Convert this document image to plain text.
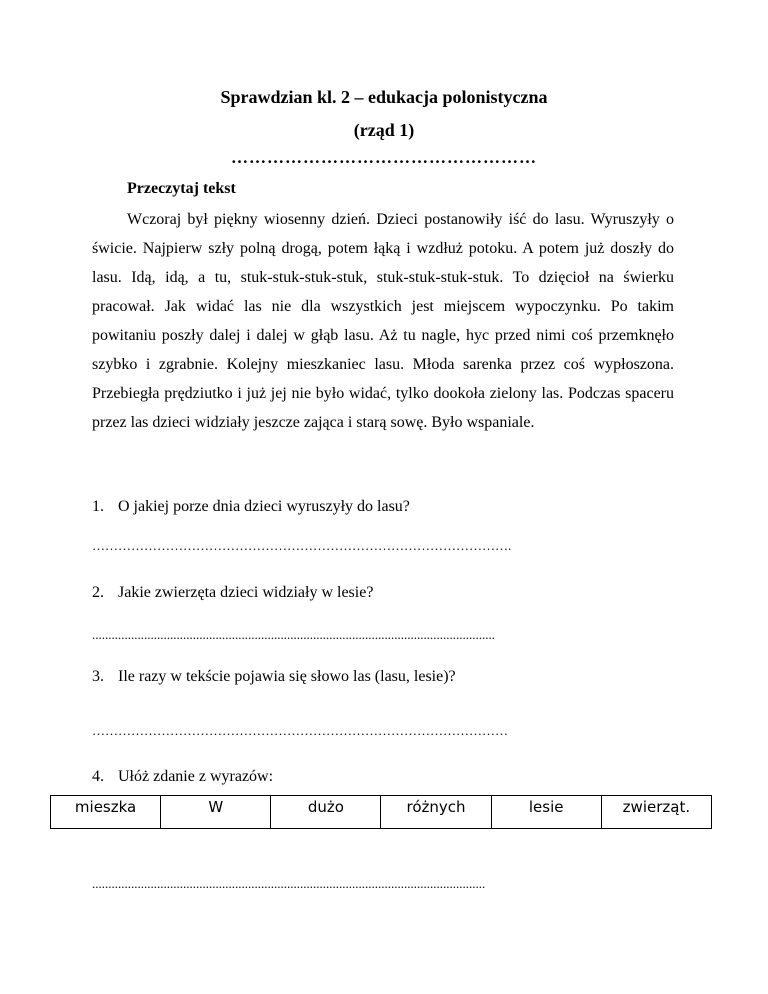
Sprawdzian kl. 2 – edukacja polonistyczna
(rząd 1)
……………………………………………
Przeczytaj tekst

Wczoraj był piękny wiosenny dzień. Dzieci postanowiły iść do lasu. Wyruszyły o świcie. Najpierw szły polną drogą, potem łąką i wzdłuż potoku. A potem już doszły do lasu. Idą, idą, a tu, stuk-stuk-stuk-stuk, stuk-stuk-stuk-stuk. To dzięcioł na świerku pracował. Jak widać las nie dla wszystkich jest miejscem wypoczynku. Po takim powitaniu poszły dalej i dalej w głąb lasu. Aż tu nagle, hyc przed nimi coś przemknęło szybko i zgrabnie. Kolejny mieszkaniec lasu. Młoda sarenka przez coś wypłoszona. Przebiegła prędziutko i już jej nie było widać, tylko dookoła zielony las. Podczas spaceru przez las dzieci widziały jeszcze zająca i starą sowę. Było wspaniale.

1. O jakiej porze dnia dzieci wyruszyły do lasu?
…………………………………………………………………………………….
2. Jakie zwierzęta dzieci widziały w lesie?
............................................................................................................................
3. Ile razy w tekście pojawia się słowo las (lasu, lesie)?
……………………………………………………………………………………
4. Ułóż zdanie z wyrazów:
mieszka	W	dużo	różnych	lesie	zwierząt.
.........................................................................................................................
